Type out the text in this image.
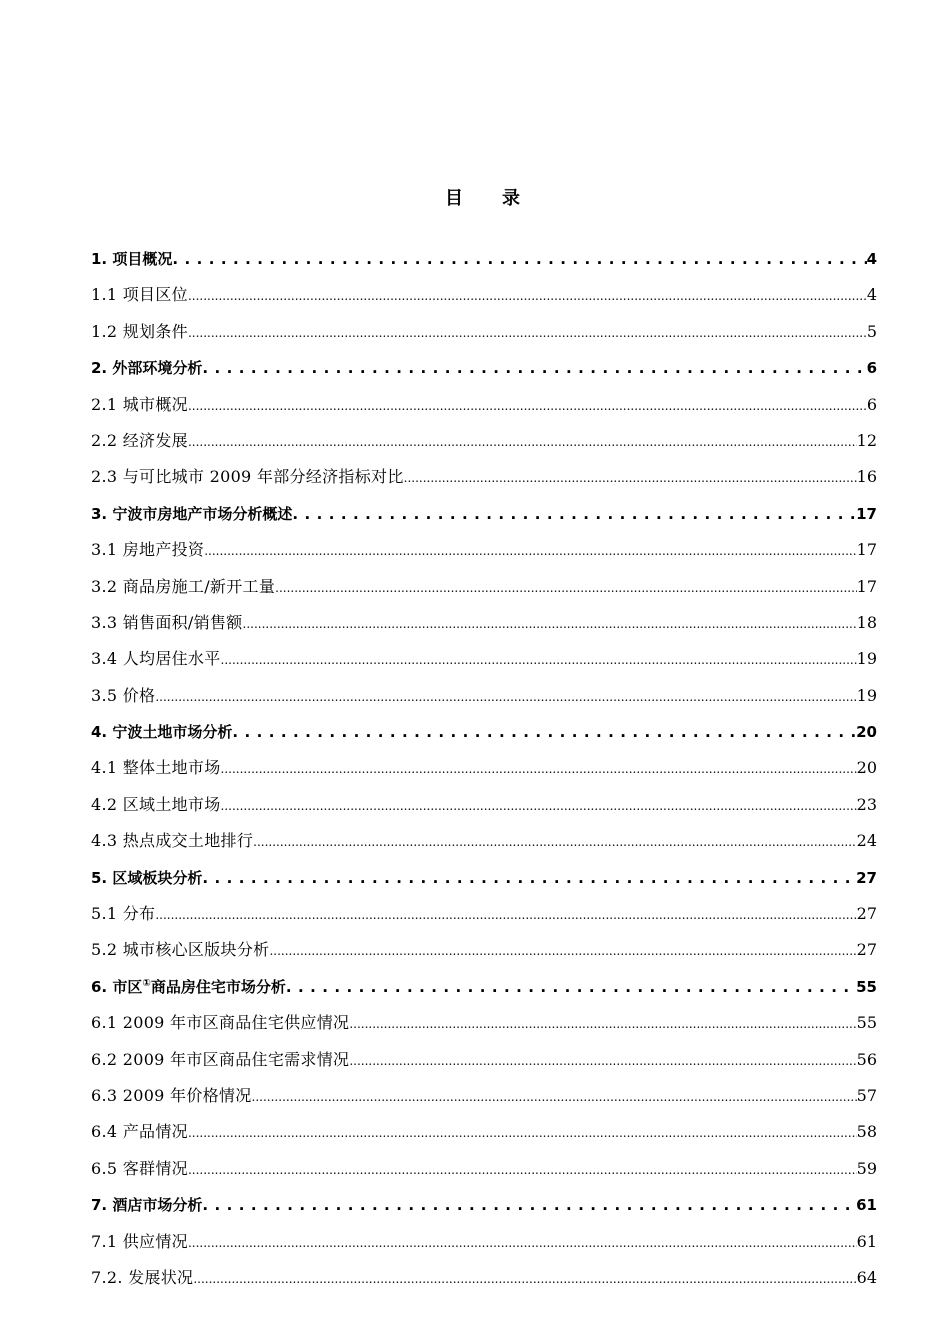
目 录
1. 项目概况 . . .	4
1.1 项目区位 .....	4
1.2 规划条件 .....	5
2. 外部环境分析 . . .	6
2.1 城市概况 .....	6
2.2 经济发展 .....	12
2.3 与可比城市 2009 年部分经济指标对比 .....	16
3. 宁波市房地产市场分析概述 . . .	17
3.1 房地产投资 .....	17
3.2 商品房施工/新开工量 .....	17
3.3 销售面积/销售额 .....	18
3.4 人均居住水平 .....	19
3.5 价格 .....	19
4. 宁波土地市场分析 . . .	20
4.1 整体土地市场 .....	20
4.2 区域土地市场 .....	23
4.3 热点成交土地排行 .....	24
5. 区域板块分析 . . .	27
5.1 分布 .....	27
5.2 城市核心区版块分析 .....	27
6. 市区①商品房住宅市场分析 . . .	55
6.1 2009 年市区商品住宅供应情况 .....	55
6.2 2009 年市区商品住宅需求情况 .....	56
6.3 2009 年价格情况 .....	57
6.4 产品情况 .....	58
6.5 客群情况 .....	59
7. 酒店市场分析 . . .	61
7.1 供应情况 .....	61
7.2. 发展状况 .....	64
